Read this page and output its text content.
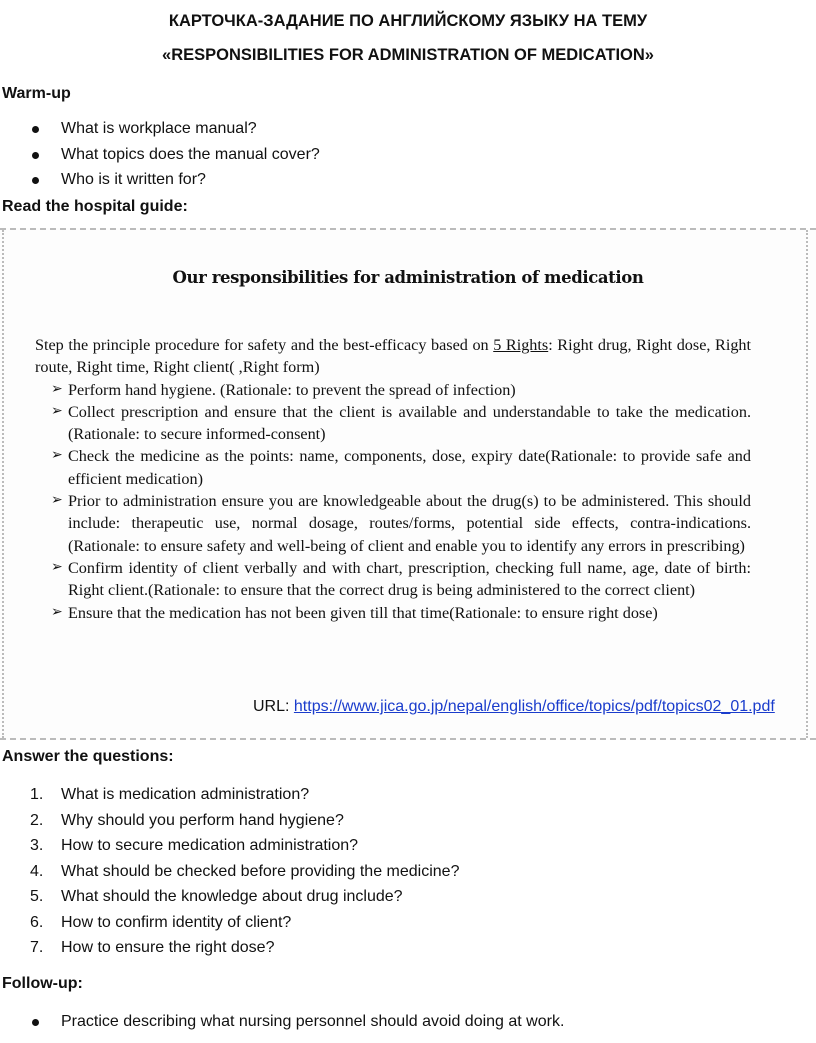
КАРТОЧКА-ЗАДАНИЕ ПО АНГЛИЙСКОМУ ЯЗЫКУ НА ТЕМУ
«RESPONSIBILITIES FOR ADMINISTRATION OF MEDICATION»
Warm-up
What is workplace manual?
What topics does the manual cover?
Who is it written for?
Read the hospital guide:
Our responsibilities for administration of medication

Step the principle procedure for safety and the best-efficacy based on 5 Rights: Right drug, Right dose, Right route, Right time, Right client( ,Right form)

➢ Perform hand hygiene. (Rationale: to prevent the spread of infection)
➢ Collect prescription and ensure that the client is available and understandable to take the medication.(Rationale: to secure informed-consent)
➢ Check the medicine as the points: name, components, dose, expiry date(Rationale: to provide safe and efficient medication)
➢ Prior to administration ensure you are knowledgeable about the drug(s) to be administered. This should include: therapeutic use, normal dosage, routes/forms, potential side effects, contra-indications.(Rationale: to ensure safety and well-being of client and enable you to identify any errors in prescribing)
➢ Confirm identity of client verbally and with chart, prescription, checking full name, age, date of birth: Right client.(Rationale: to ensure that the correct drug is being administered to the correct client)
➢ Ensure that the medication has not been given till that time(Rationale: to ensure right dose)
URL: https://www.jica.go.jp/nepal/english/office/topics/pdf/topics02_01.pdf
Answer the questions:
1. What is medication administration?
2. Why should you perform hand hygiene?
3. How to secure medication administration?
4. What should be checked before providing the medicine?
5. What should the knowledge about drug include?
6. How to confirm identity of client?
7. How to ensure the right dose?
Follow-up:
Practice describing what nursing personnel should avoid doing at work.
